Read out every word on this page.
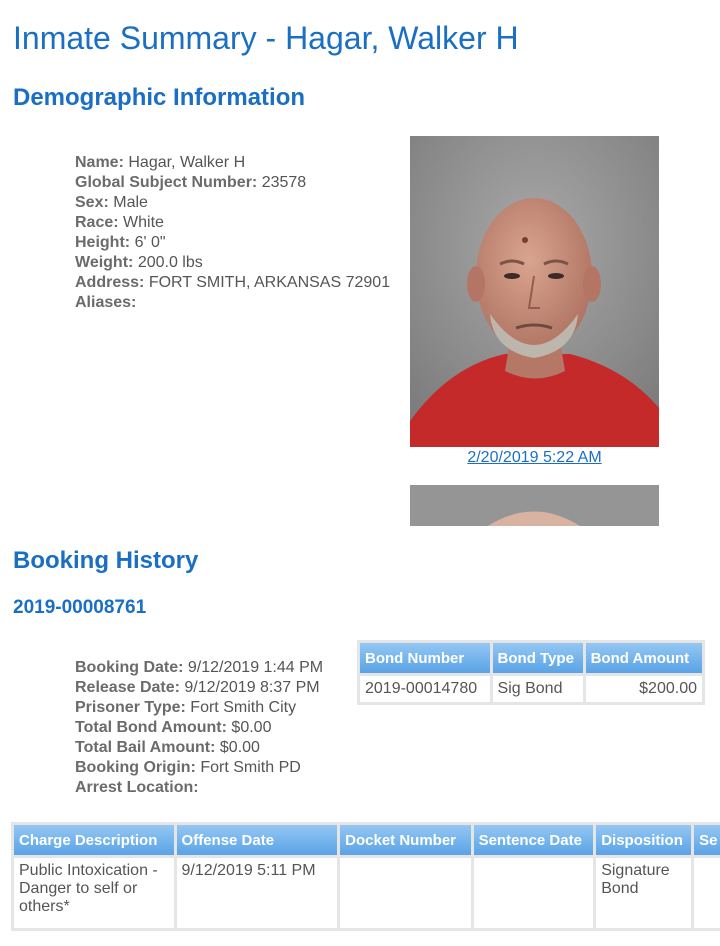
Inmate Summary - Hagar, Walker H
Demographic Information
Name: Hagar, Walker H
Global Subject Number: 23578
Sex: Male
Race: White
Height: 6' 0"
Weight: 200.0 lbs
Address: FORT SMITH, ARKANSAS 72901
Aliases:
2/20/2019 5:22 AM
Booking History
2019-00008761
Booking Date: 9/12/2019 1:44 PM
Release Date: 9/12/2019 8:37 PM
Prisoner Type: Fort Smith City
Total Bond Amount: $0.00
Total Bail Amount: $0.00
Booking Origin: Fort Smith PD
Arrest Location:
Bond Number	Bond Type	Bond Amount
2019-00014780	Sig Bond	$200.00
Charge Description	Offense Date	Docket Number	Sentence Date	Disposition	Se
Public Intoxication - Danger to self or others*	9/12/2019 5:11 PM			Signature Bond	
